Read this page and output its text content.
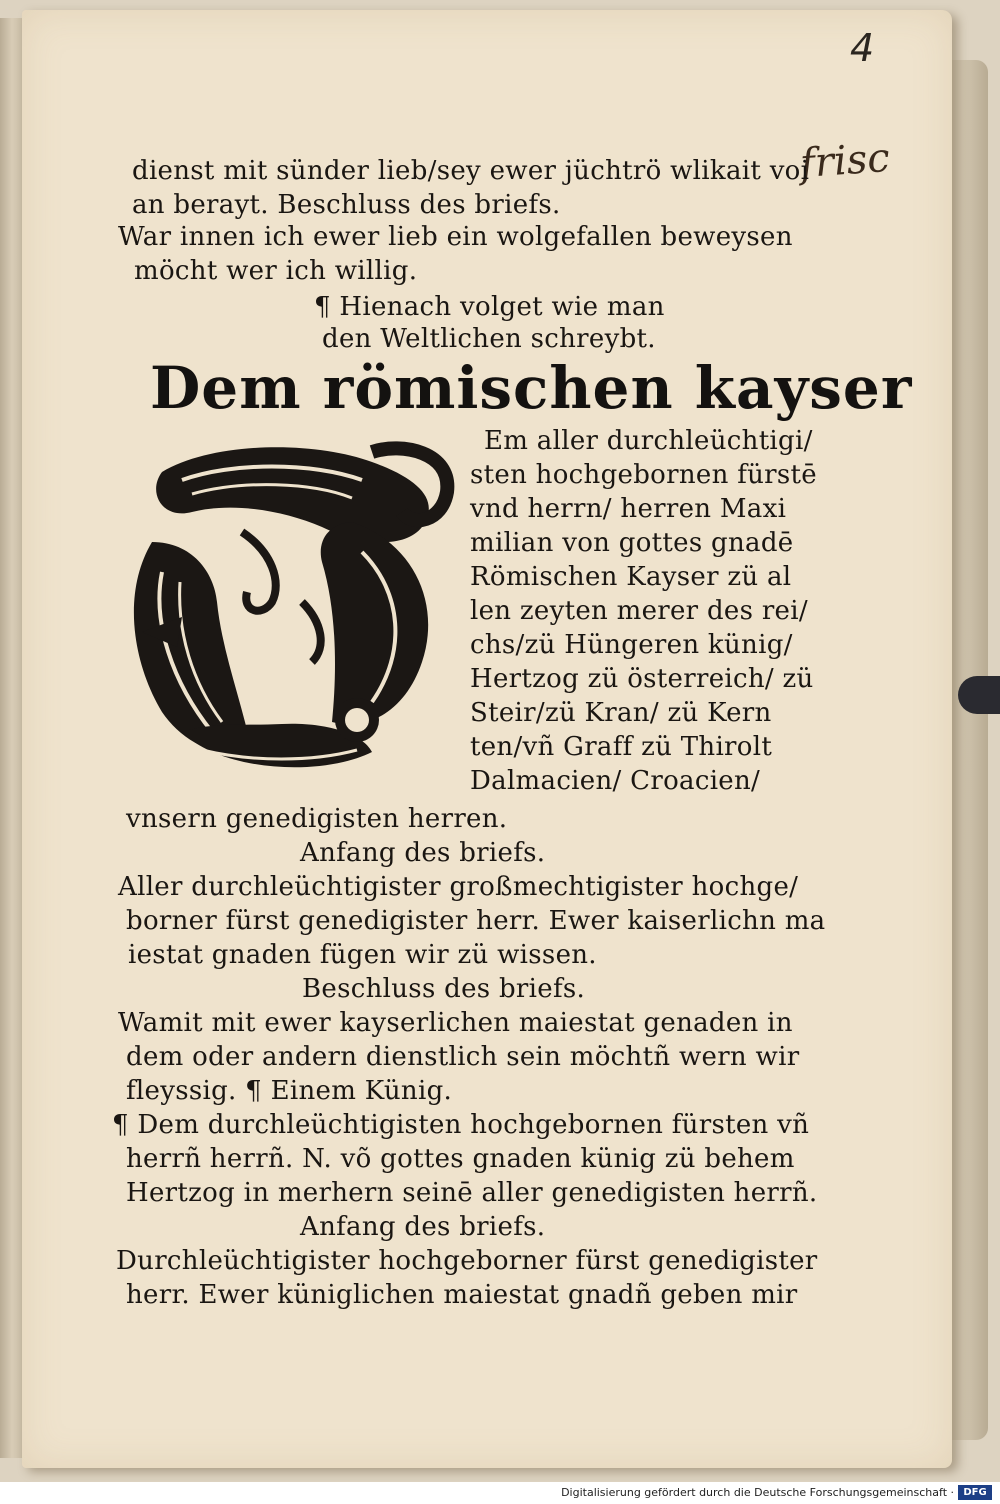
4
frisc
dienst mit sünder lieb/sey ewer jüchtrö wlikait voi
an berayt. Beschluss des briefs.
War innen ich ewer lieb ein wolgefallen beweysen
möcht wer ich willig.
¶ Hienach volget wie man
den Weltlichen schreybt.
Dem römischen kayser
Em aller durchleüchtigi/
sten hochgebornen fürstē
vnd herrn/ herren Maxi
milian von gottes gnadē
Römischen Kayser zü al
len zeyten merer des rei/
chs/zü Hüngeren künig/
Hertzog zü österreich/ zü
Steir/zü Kran/ zü Kern
ten/vñ Graff zü Thirolt
Dalmacien/ Croacien/
vnsern genedigisten herren.
Anfang des briefs.
Aller durchleüchtigister großmechtigister hochge/
borner fürst genedigister herr. Ewer kaiserlichn ma
iestat gnaden fügen wir zü wissen.
Beschluss des briefs.
Wamit mit ewer kayserlichen maiestat genaden in
dem oder andern dienstlich sein möchtñ wern wir
fleyssig. ¶ Einem Künig.
¶ Dem durchleüchtigisten hochgebornen fürsten vñ
herrñ herrñ. N. võ gottes gnaden künig zü behem
Hertzog in merhern seinē aller genedigisten herrñ.
Anfang des briefs.
Durchleüchtigister hochgeborner fürst genedigister
herr. Ewer küniglichen maiestat gnadñ geben mir
Digitalisierung gefördert durch die Deutsche Forschungsgemeinschaft · DFG
